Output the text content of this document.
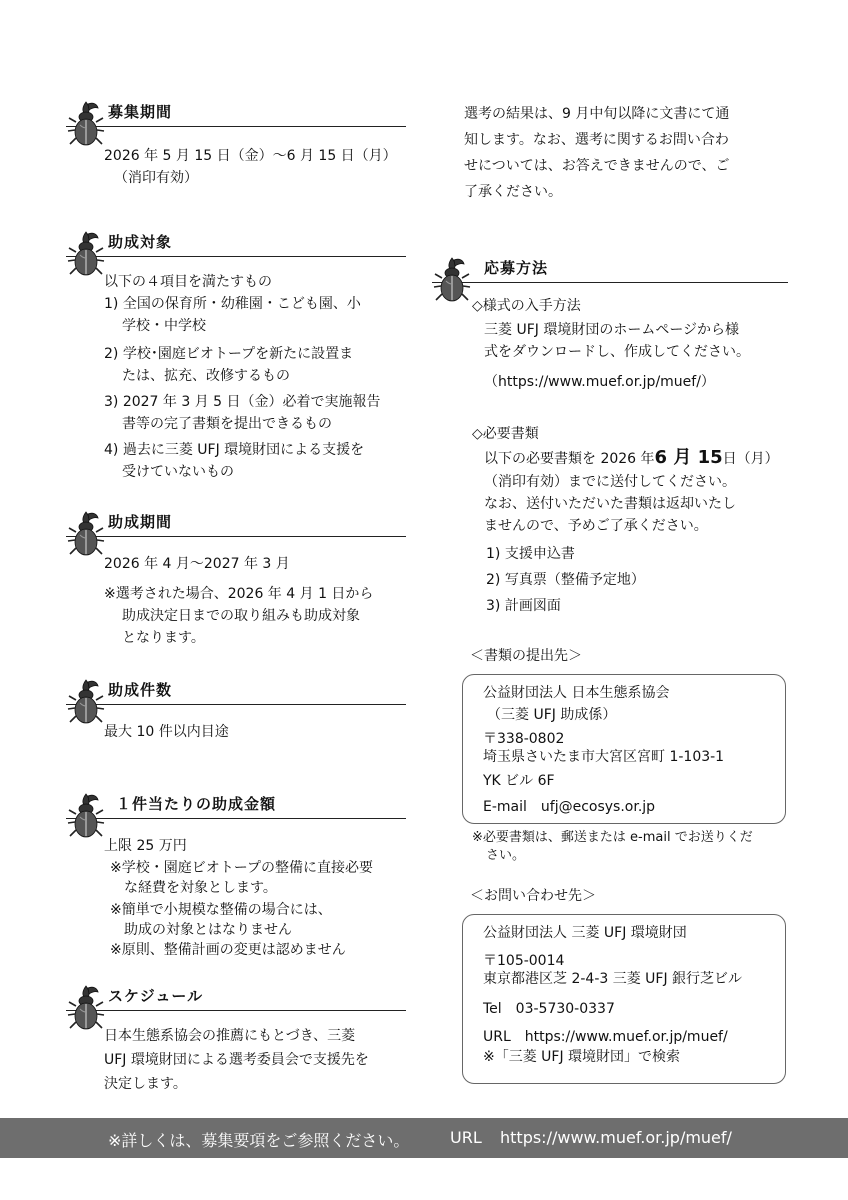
募集期間
2026 年 5 月 15 日（金）〜6 月 15 日（月）
（消印有効）
助成対象
以下の４項目を満たすもの
1) 全国の保育所・幼稚園・こども園、小
学校・中学校
2) 学校･園庭ビオトープを新たに設置ま
たは、拡充、改修するもの
3) 2027 年 3 月 5 日（金）必着で実施報告
書等の完了書類を提出できるもの
4) 過去に三菱 UFJ 環境財団による支援を
受けていないもの
助成期間
2026 年 4 月〜2027 年 3 月
※選考された場合、2026 年 4 月 1 日から
助成決定日までの取り組みも助成対象
となります。
助成件数
最大 10 件以内目途
１件当たりの助成金額
上限 25 万円
※学校・園庭ビオトープの整備に直接必要
な経費を対象とします。
※簡単で小規模な整備の場合には、
助成の対象とはなりません
※原則、整備計画の変更は認めません
スケジュール
日本生態系協会の推薦にもとづき、三菱
UFJ 環境財団による選考委員会で支援先を
決定します。
選考の結果は、9 月中旬以降に文書にて通
知します。なお、選考に関するお問い合わ
せについては、お答えできませんので、ご
了承ください。
応募方法
◇様式の入手方法
三菱 UFJ 環境財団のホームページから様
式をダウンロードし、作成してください。
（https://www.muef.or.jp/muef/）
◇必要書類
以下の必要書類を 2026 年6 月 15日（月）
（消印有効）までに送付してください。
なお、送付いただいた書類は返却いたし
ませんので、予めご了承ください。
1) 支援申込書
2) 写真票（整備予定地）
3) 計画図面
＜書類の提出先＞
公益財団法人 日本生態系協会
（三菱 UFJ 助成係）
〒338-0802
埼玉県さいたま市大宮区宮町 1-103-1
YK ビル 6F
E-mail　ufj@ecosys.or.jp
※必要書類は、郵送または e-mail でお送りくだ
さい。
＜お問い合わせ先＞
公益財団法人 三菱 UFJ 環境財団
〒105-0014
東京都港区芝 2-4-3 三菱 UFJ 銀行芝ビル
Tel　03-5730-0337
URL　https://www.muef.or.jp/muef/
※「三菱 UFJ 環境財団」で検索
※詳しくは、募集要項をご参照ください。	URL https://www.muef.or.jp/muef/
